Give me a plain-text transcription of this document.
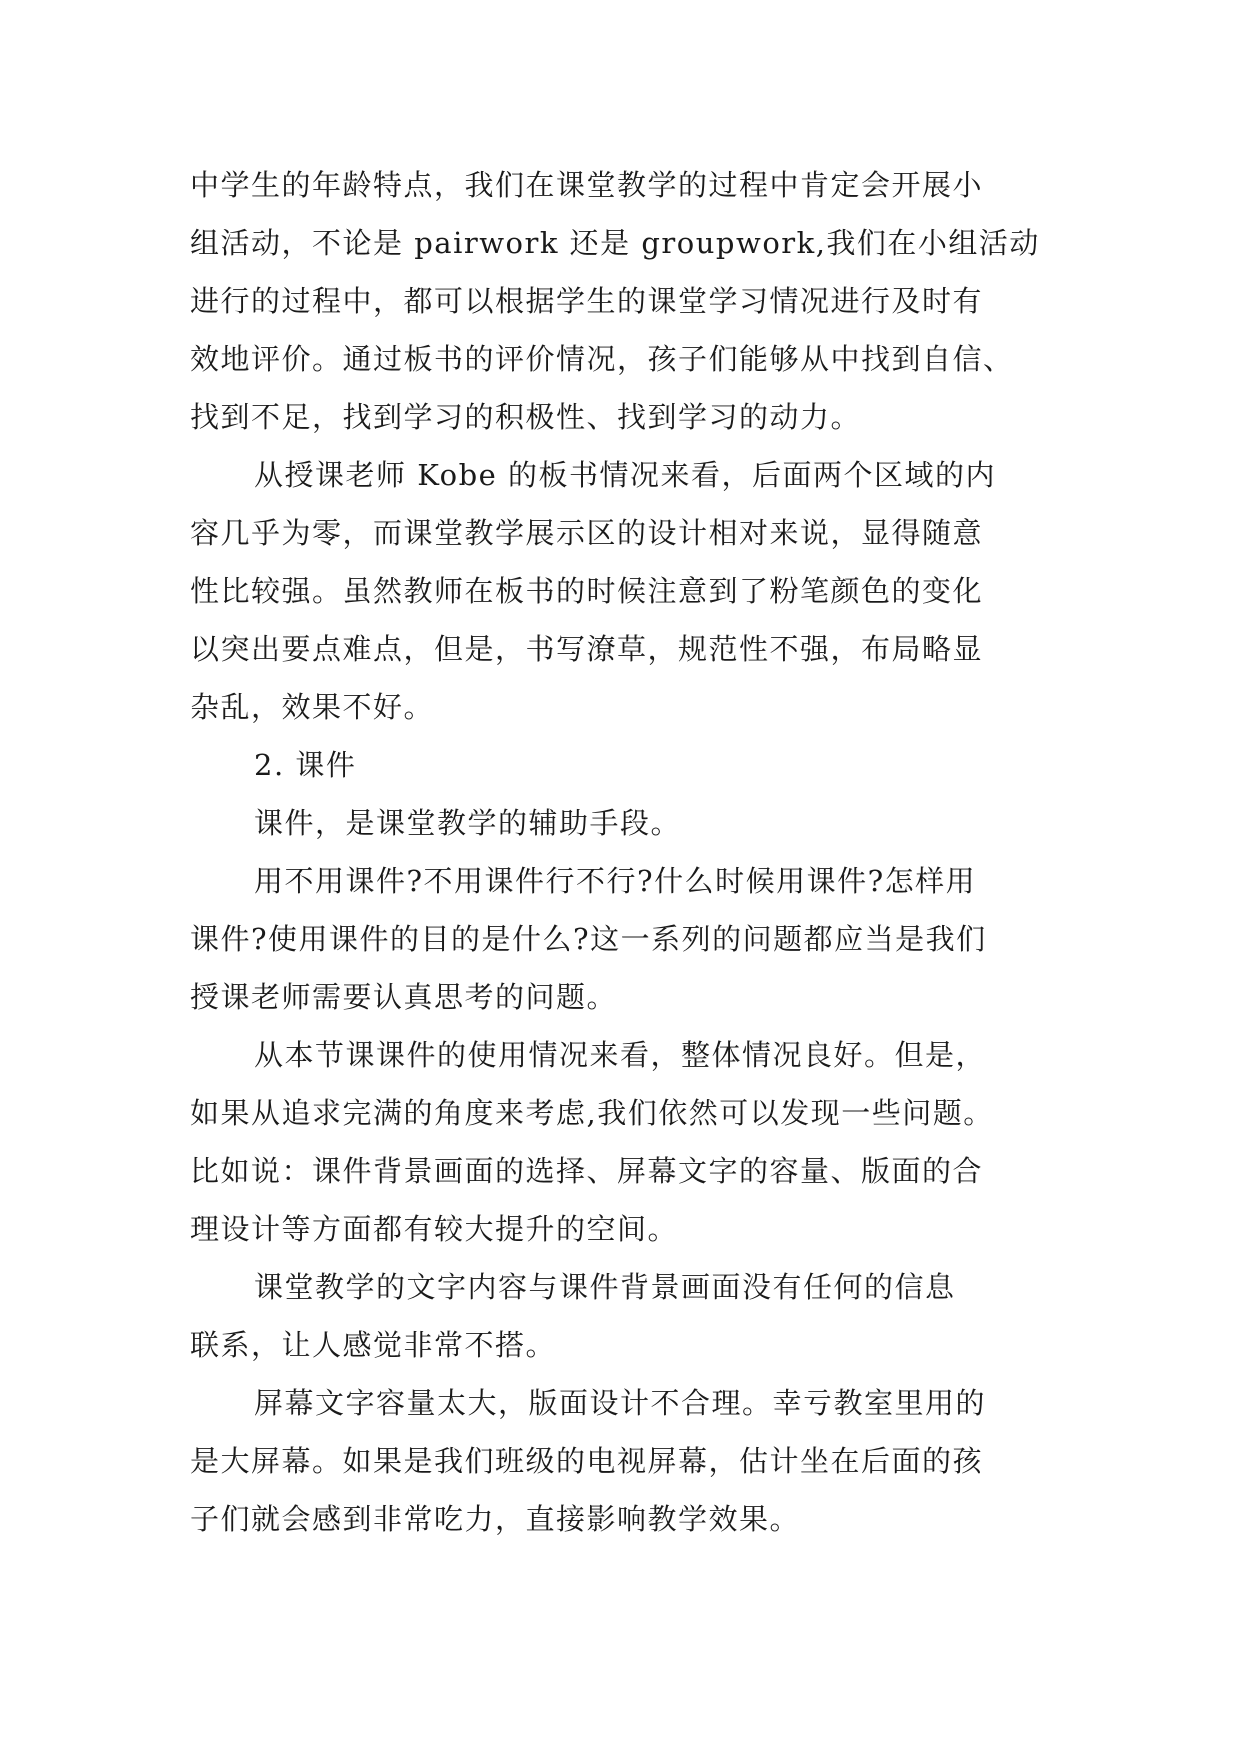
中学生的年龄特点，我们在课堂教学的过程中肯定会开展小
组活动，不论是 pairwork 还是 groupwork,我们在小组活动
进行的过程中，都可以根据学生的课堂学习情况进行及时有
效地评价。通过板书的评价情况，孩子们能够从中找到自信、
找到不足，找到学习的积极性、找到学习的动力。
从授课老师 Kobe 的板书情况来看，后面两个区域的内
容几乎为零，而课堂教学展示区的设计相对来说，显得随意
性比较强。虽然教师在板书的时候注意到了粉笔颜色的变化
以突出要点难点，但是，书写潦草，规范性不强，布局略显
杂乱，效果不好。
2. 课件
课件，是课堂教学的辅助手段。
用不用课件?不用课件行不行?什么时候用课件?怎样用
课件?使用课件的目的是什么?这一系列的问题都应当是我们
授课老师需要认真思考的问题。
从本节课课件的使用情况来看，整体情况良好。但是，
如果从追求完满的角度来考虑,我们依然可以发现一些问题。
比如说：课件背景画面的选择、屏幕文字的容量、版面的合
理设计等方面都有较大提升的空间。
课堂教学的文字内容与课件背景画面没有任何的信息
联系，让人感觉非常不搭。
屏幕文字容量太大，版面设计不合理。幸亏教室里用的
是大屏幕。如果是我们班级的电视屏幕，估计坐在后面的孩
子们就会感到非常吃力，直接影响教学效果。
